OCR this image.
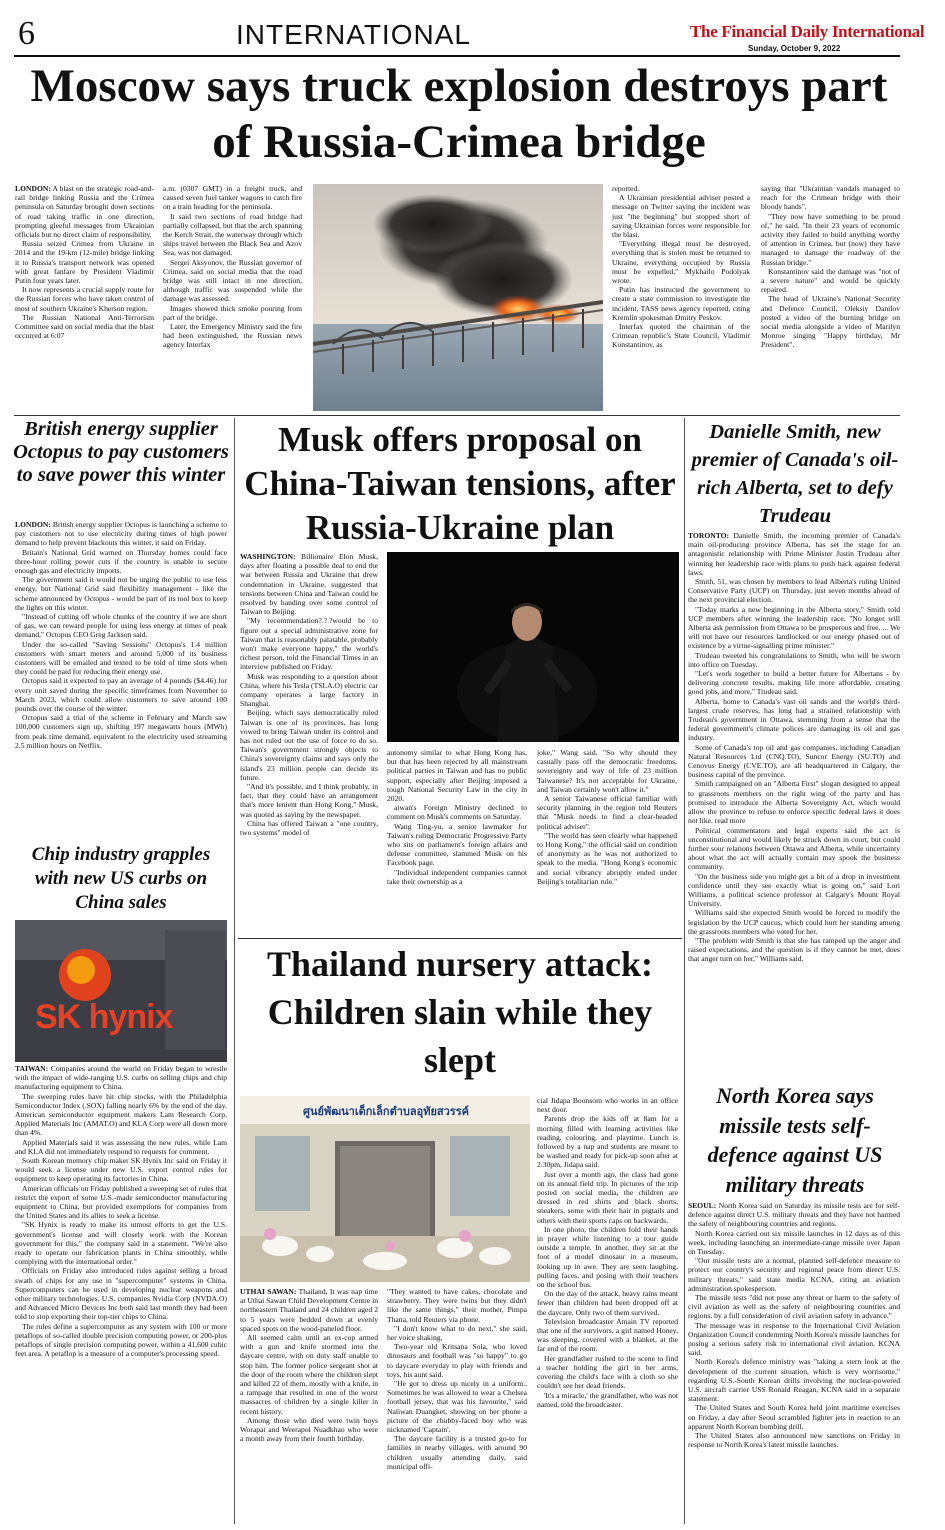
6	INTERNATIONAL	The Financial Daily International
Sunday, October 9, 2022
Moscow says truck explosion destroys part of Russia-Crimea bridge

LONDON: A blast on the strategic road-and-rail bridge linking Russia and the Crimea peninsula on Saturday brought down sections of road taking traffic in one direction, prompting gleeful messages from Ukrainian officials but no direct claim of responsibility.

Russia seized Crimea from Ukraine in 2014 and the 19-km (12-mile) bridge linking it to Russia's transport network was opened with great fanfare by President Vladimir Putin four years later.

It now represents a crucial supply route for the Russian forces who have taken control of most of southern Ukraine's Kherson region.

The Russian National Anti-Terrorism Committee said on social media that the blast occurred at 6:07

a.m. (0307 GMT) in a freight truck, and caused seven fuel tanker wagons to catch fire on a train heading for the peninsula.

It said two sections of road bridge had partially collapsed, but that the arch spanning the Kerch Strait, the waterway through which ships travel between the Black Sea and Azov Sea, was not damaged.

Sergei Aksyonov, the Russian governor of Crimea, said on social media that the road bridge was still intact in one direction, although traffic was suspended while the damage was assessed.

Images showed thick smoke pouring from part of the bridge.

Later, the Emergency Ministry said the fire had been extinguished, the Russian news agency Interfax

reported.

A Ukrainian presidential adviser posted a message on Twitter saying the incident was just "the beginning" but stopped short of saying Ukrainian forces were responsible for the blast.

"Everything illegal must be destroyed, everything that is stolen must be returned to Ukraine, everything occupied by Russia must be expelled," Mykhailo Podolyak wrote.

Putin has instructed the government to create a state commission to investigate the incident, TASS news agency reported, citing Kremlin spokesman Dmitry Peskov.

Interfax quoted the chairman of the Crimean republic's State Council, Vladimir Konstantinov, as

saying that "Ukrainian vandals managed to reach for the Crimean bridge with their bloody hands".

"They now have something to be proud of," he said. "In their 23 years of economic activity they failed to build anything worthy of attention in Crimea, but (now) they have managed to damage the roadway of the Russian bridge."

Konstantinov said the damage was "not of a severe nature" and would be quickly repaired.

The head of Ukraine's National Security and Defence Council, Oleksiy Danilov posted a video of the burning bridge on social media alongside a video of Marilyn Monroe singing "Happy birthday, Mr President".

British energy supplier Octopus to pay customers to save power this winter

LONDON: British energy supplier Octopus is launching a scheme to pay customers not to use electricity during times of high power demand to help prevent blackouts this winter, it said on Friday.

Britain's National Grid warned on Thursday homes could face three-hour rolling power cuts if the country is unable to secure enough gas and electricity imports.

The government said it would not be urging the public to use less energy, but National Grid said flexibility management - like the scheme announced by Octopus - would be part of its tool box to keep the lights on this winter.

"Instead of cutting off whole chunks of the country if we are short of gas, we can reward people for using less energy at times of peak demand," Octopus CEO Greg Jackson said.

Under the so-called "Saving Sessions" Octopus's 1.4 million customers with smart meters and around 5,000 of its business customers will be emailed and texted to be told of time slots when they could be paid for reducing their energy use.

Octopus said it expected to pay an average of 4 pounds ($4.46) for every unit saved during the specific timeframes from November to March 2023, which could allow customers to save around 100 pounds over the course of the winter.

Octopus said a trial of the scheme in February and March saw 100,000 customers sign up, shifting 197 megawatts hours (MWh) from peak time demand, equivalent to the electricity used streaming 2.5 million hours on Netflix.

Chip industry grapples with new US curbs on China sales
SK hynix

TAIWAN: Companies around the world on Friday began to wrestle with the impact of wide-ranging U.S. curbs on selling chips and chip manufacturing equipment to China.

The sweeping rules have hit chip stocks, with the Philadelphia Semiconductor Index (.SOX) falling nearly 6% by the end of the day. American semiconductor equipment makers Lam Research Corp, Applied Materials Inc (AMAT.O) and KLA Corp were all down more than 4%.

Applied Materials said it was assessing the new rules, while Lam and KLA did not immediately respond to requests for comment.

South Korean memory chip maker SK Hynix Inc said on Friday it would seek a license under new U.S. export control rules for equipment to keep operating its factories in China.

American officials on Friday published a sweeping set of rules that restrict the export of some U.S.-made semiconductor manufacturing equipment to China, but provided exemptions for companies from the United States and its allies to seek a license.

"SK Hynix is ready to make its utmost efforts to get the U.S. government's license and will closely work with the Korean government for this," the company said in a statement. "We're also ready to operate our fabrication plants in China smoothly, while complying with the international order."

Officials on Friday also introduced rules against selling a broad swath of chips for any use in "supercomputer" systems in China. Supercomputers can be used in developing nuclear weapons and other military technologies. U.S. companies Nvidia Corp (NVDA.O) and Advanced Micro Devices Inc both said last month they had been told to stop exporting their top-tier chips to China.

The rules define a supercomputer as any system with 100 or more petaflops of so-called double precision computing power, or 200-plus petaflops of single precision computing power, within a 41,600 cubic feet area. A petaflop is a measure of a computer's processing speed.

Musk offers proposal on China-Taiwan tensions, after Russia-Ukraine plan

WASHINGTON: Billionaire Elon Musk, days after floating a possible deal to end the war between Russia and Ukraine that drew condemnation in Ukraine, suggested that tensions between China and Taiwan could be resolved by handing over some control of Taiwan to Beijing.

"My recommendation?.?.?would be to figure out a special administrative zone for Taiwan that is reasonably palatable, probably won't make everyone happy," the world's richest person, told the Financial Times in an interview published on Friday.

Musk was responding to a question about China, where his Tesla (TSLA.O) electric car company operates a large factory in Shanghai.

Beijing, which says democratically ruled Taiwan is one of its provinces, has long vowed to bring Taiwan under its control and has not ruled out the use of force to do so. Taiwan's government strongly objects to China's sovereignty claims and says only the island's 23 million people can decide its future.

"And it's possible, and I think probably, in fact, that they could have an arrangement that's more lenient than Hong Kong," Musk, was quoted as saying by the newspaper.

China has offered Taiwan a "one country, two systems" model of

autonomy similar to what Hong Kong has, but that has been rejected by all mainstream political parties in Taiwan and has no public support, especially after Beijing imposed a tough National Security Law in the city in 2020.

aiwan's Foreign Ministry declined to comment on Musk's comments on Saturday.

Wang Ting-yu, a senior lawmaker for Taiwan's ruling Democratic Progressive Party who sits on parliament's foreign affairs and defense committee, slammed Musk on his Facebook page.

"Individual independent companies cannot take their ownership as a

joke," Wang said. "So why should they casually pass off the democratic freedoms, sovereignty and way of life of 23 million Taiwanese? It's not acceptable for Ukraine, and Taiwan certainly won't allow it."

A senior Taiwanese official familiar with security planning in the region told Reuters that "Musk needs to find a clear-headed political adviser".

"The world has seen clearly what happened to Hong Kong," the official said on condition of anonymity as he was not authorized to speak to the media. "Hong Kong's economic and social vibrancy abruptly ended under Beijing's totalitarian rule."

Thailand nursery attack: Children slain while they slept
ศูนย์พัฒนาเด็กเล็กตำบลอุทัยสวรรค์

UTHAI SAWAN: Thailand, It was nap time at Uthai Sawan Child Development Centre in northeastern Thailand and 24 children aged 2 to 5 years were bedded down at evenly spaced spots on the wood-paneled floor.

All seemed calm until an ex-cop armed with a gun and knife stormed into the daycare centre, with on duty staff unable to stop him. The former police sergeant shot at the door of the room where the children slept and killed 22 of them, mostly with a knife, in a rampage that resulted in one of the worst massacres of children by a single killer in recent history.

Among those who died were twin boys Worapat and Weerapol Nuadkhao who were a month away from their fourth birthday.

"They wanted to have cakes, chocolate and strawberry. They were twins but they didn't like the same things," their mother, Pimpa Thana, told Reuters via phone.

"I don't know what to do next," she said, her voice shaking.

Two-year old Kritsana Sola, who loved dinosaurs and football was "so happy" to go to daycare everyday to play with friends and toys, his aunt said.

"He got to dress up nicely in a uniform.. Sometimes he was allowed to wear a Chelsea football jersey, that was his favourite," said Naliwan Duangket, showing on her phone a picture of the chubby-faced boy who was nicknamed 'Captain'.

The daycare facility is a trusted go-to for families in nearby villages, with around 90 children usually attending daily, said municipal offi-

cial Jidapa Boonsom who works in an office next door.

Parents drop the kids off at 8am for a morning filled with learning activities like reading, colouring, and playtime. Lunch is followed by a nap and students are meant to be washed and ready for pick-up soon after at 2.30pm, Jidapa said.

Just over a month ago, the class had gone on its annual field trip. In pictures of the trip posted on social media, the children are dressed in red shirts and black shorts, sneakers, some with their hair in pigtails and others with their sports caps on backwards.

In one photo, the children fold their hands in prayer while listening to a tour guide outside a temple. In another, they sit at the foot of a model dinosaur in a museum, looking up in awe. They are seen laughing, pulling faces, and posing with their teachers on the school bus.

On the day of the attack, heavy rains meant fewer than children had been dropped off at the daycare. Only two of them survived.

Television broadcaster Amain TV reported that one of the survivors, a girl named Honey, was sleeping, covered with a blanket, at the far end of the room.

Her grandfather rushed to the scene to find a teacher holding the girl in her arms, covering the child's face with a cloth so she couldn't see her dead friends.

'It's a miracle,' the grandfather, who was not named, told the broadcaster.

Danielle Smith, new premier of Canada's oil-rich Alberta, set to defy Trudeau

TORONTO: Danielle Smith, the incoming premier of Canada's main oil-producing province Alberta, has set the stage for an antagonistic relationship with Prime Minister Justin Trudeau after winning her leadership race with plans to push back against federal laws.

Smith, 51, was chosen by members to lead Alberta's ruling United Conservative Party (UCP) on Thursday, just seven months ahead of the next provincial election.

"Today marks a new beginning in the Alberta story," Smith told UCP members after winning the leadership race. "No longer will Alberta ask permission from Ottawa to be prosperous and free. ... We will not have our resources landlocked or our energy phased out of existence by a virtue-signalling prime minister."

Trudeau tweeted his congratulations to Smith, who will be sworn into office on Tuesday.

"Let's work together to build a better future for Albertans - by delivering concrete results, making life more affordable, creating good jobs, and more," Trudeau said.

Alberta, home to Canada's vast oil sands and the world's third-largest crude reserves, has long had a strained relationship with Trudeau's government in Ottawa, stemming from a sense that the federal government's climate polices are damaging its oil and gas industry.

Some of Canada's top oil and gas companies, including Canadian Natural Resources Ltd (CNQ.TO), Suncor Energy (SU.TO) and Cenovus Energy (CVE.TO), are all headquartered in Calgary, the business capital of the province.

Smith campaigned on an "Alberta First" slogan designed to appeal to grassroots members on the right wing of the party and has promised to introduce the Alberta Sovereignty Act, which would allow the province to refuse to enforce specific federal laws it does not like. read more

Political commentators and legal experts said the act is unconstitutional and would likely be struck down in court, but could further sour relations between Ottawa and Alberta, while uncertainty about what the act will actually contain may spook the business community.

"On the business side you might get a bit of a drop in investment confidence until they see exactly what is going on," said Lori Williams, a political science professor at Calgary's Mount Royal University.

Williams said she expected Smith would be forced to modify the legislation by the UCP caucus, which could hurt her standing among the grassroots members who voted for her.

"The problem with Smith is that she has ramped up the anger and raised expectations, and the question is if they cannot be met, does that anger turn on her," Williams said.

North Korea says missile tests self-defence against US military threats

SEOUL: North Korea said on Saturday its missile tests are for self-defence against direct U.S. military threats and they have not harmed the safety of neighbouring countries and regions.

North Korea carried out six missile launches in 12 days as of this week, including launching an intermediate-range missile over Japan on Tuesday.

"Our missile tests are a normal, planned self-defence measure to protect our country's security and regional peace from direct U.S. military threats," said state media KCNA, citing an aviation administration spokesperson.

The missile tests "did not pose any threat or harm to the safety of civil aviation as well as the safety of neighbouring countries and regions, by a full consideration of civil aviation safety in advance."

The message was in response to the International Civil Aviation Organization Council condemning North Korea's missile launches for posing a serious safety risk to international civil aviation, KCNA said.

North Korea's defence ministry was "taking a stern look at the development of the current situation, which is very worrisome," regarding U.S.-South Korean drills involving the nuclear-powered U.S. aircraft carrier USS Ronald Reagan, KCNA said in a separate statement.

The United States and South Korea held joint maritime exercises on Friday, a day after Seoul scrambled fighter jets in reaction to an apparent North Korean bombing drill.

The United States also announced new sanctions on Friday in response to North Korea's latest missile launches.
